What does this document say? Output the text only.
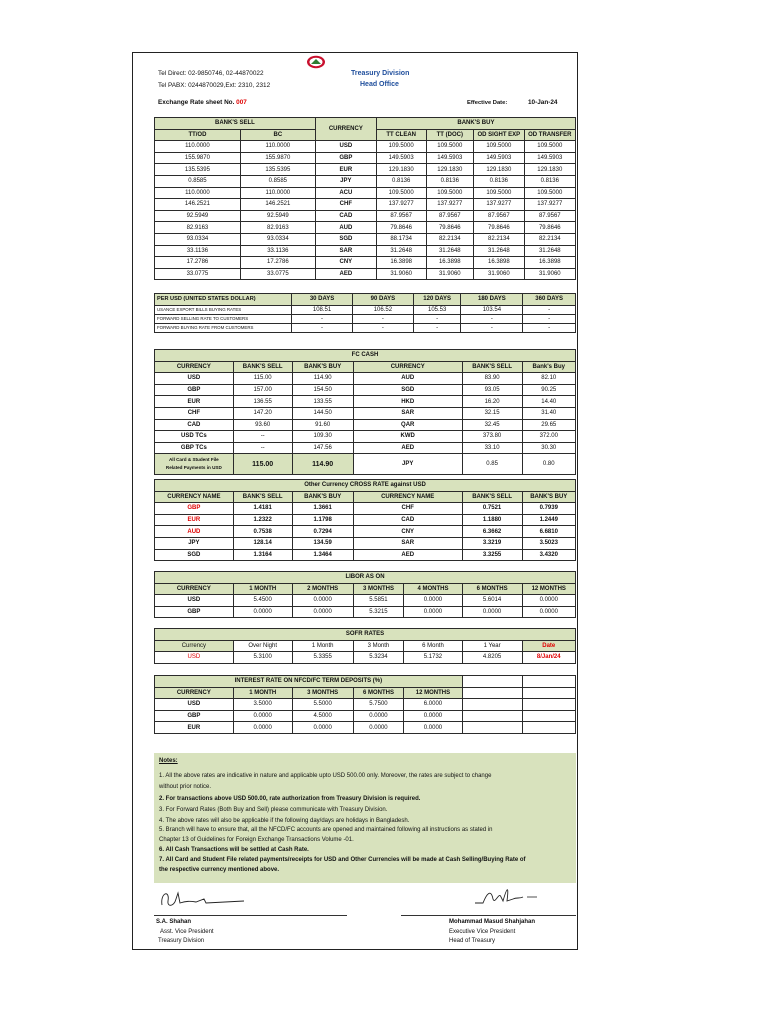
Tel Direct: 02-9850746, 02-44870022
Tel PABX: 0244870029,Ext: 2310, 2312
Treasury Division
Head Office
Exchange Rate sheet No. 007	Effective Date:	10-Jan-24
BANK'S SELL		CURRENCY	BANK'S BUY			
TT/OD	BC		TT CLEAN	TT (DOC)	OD SIGHT EXP	OD TRANSFER
110.0000	110.0000	USD	109.5000	109.5000	109.5000	109.5000
155.9870	155.9870	GBP	149.5903	149.5903	149.5903	149.5903
135.5395	135.5395	EUR	129.1830	129.1830	129.1830	129.1830
0.8585	0.8585	JPY	0.8136	0.8136	0.8136	0.8136
110.0000	110.0000	ACU	109.5000	109.5000	109.5000	109.5000
146.2521	146.2521	CHF	137.9277	137.9277	137.9277	137.9277
92.5949	92.5949	CAD	87.9567	87.9567	87.9567	87.9567
82.9163	82.9163	AUD	79.8646	79.8646	79.8646	79.8646
93.0334	93.0334	SGD	88.1734	82.2134	82.2134	82.2134
33.1136	33.1136	SAR	31.2648	31.2648	31.2648	31.2648
17.2786	17.2786	CNY	16.3898	16.3898	16.3898	16.3898
33.0775	33.0775	AED	31.9060	31.9060	31.9060	31.9060
PER USD (UNITED STATES DOLLAR)	30 DAYS	90 DAYS	120 DAYS	180 DAYS	360 DAYS
USANCE EXPORT BILLS BUYING RATES	108.51	106.52	105.53	103.54	-
FORWARD SELLING RATE TO CUSTOMERS	-	-	-	-	-
FORWARD BUYING RATE FROM CUSTOMERS	-	-	-	-	-
FC CASH					
CURRENCY	BANK'S SELL	BANK'S BUY	CURRENCY	BANK'S SELL	Bank's Buy
USD	115.00	114.90	AUD	83.90	82.10
GBP	157.00	154.50	SGD	93.05	90.25
EUR	136.55	133.55	HKD	16.20	14.40
CHF	147.20	144.50	SAR	32.15	31.40
CAD	93.60	91.60	QAR	32.45	29.65
USD TCs	--	109.30	KWD	373.80	372.00
GBP TCs	--	147.56	AED	33.10	30.30

All Card & Student File
Related Payments in USD	115.00	114.90	JPY	0.85	0.80
Other Currency CROSS RATE against USD					
CURRENCY NAME	BANK'S SELL	BANK'S BUY	CURRENCY NAME	BANK'S SELL	BANK'S BUY
GBP	1.4181	1.3661	CHF	0.7521	0.7939
EUR	1.2322	1.1798	CAD	1.1880	1.2449
AUD	0.7538	0.7294	CNY	6.3662	6.6810
JPY	128.14	134.59	SAR	3.3219	3.5023
SGD	1.3164	1.3464	AED	3.3255	3.4320
LIBOR AS ON						
CURRENCY	1 MONTH	2 MONTHS	3 MONTHS	4 MONTHS	6 MONTHS	12 MONTHS
USD	5.4500	0.0000	5.5851	0.0000	5.6014	0.0000
GBP	0.0000	0.0000	5.3215	0.0000	0.0000	0.0000
SOFR RATES						
Currency	Over Night	1 Month	3 Month	6 Month	1 Year	Date
USD	5.3100	5.3355	5.3234	5.1732	4.8205	8/Jan/24
INTEREST RATE ON NFCD/FC TERM DEPOSITS (%)						
CURRENCY	1 MONTH	3 MONTHS	6 MONTHS	12 MONTHS		
USD	3.5000	5.5000	5.7500	6.0000		
GBP	0.0000	4.5000	0.0000	0.0000		
EUR	0.0000	0.0000	0.0000	0.0000		
Notes:
1. All the above rates are indicative in nature and applicable upto USD 500.00 only. Moreover, the rates are subject to change
without prior notice.
2. For transactions above USD 500.00, rate authorization from Treasury Division is required.
3. For Forward Rates (Both Buy and Sell) please communicate with Treasury Division.
4. The above rates will also be applicable if the following day/days are holidays in Bangladesh.
5. Branch will have to ensure that, all the NFCD/FC accounts are opened and maintained following all instructions as stated in
Chapter 13 of Guidelines for Foreign Exchange Transactions Volume -01.
6. All Cash Transactions will be settled at Cash Rate.
7. All Card and Student File related payments/receipts for USD and Other Currencies will be made at Cash Selling/Buying Rate of
the respective currency mentioned above.
S.A. Shahan
Asst. Vice President
Treasury Division
Mohammad Masud Shahjahan
Executive Vice President
Head of Treasury
